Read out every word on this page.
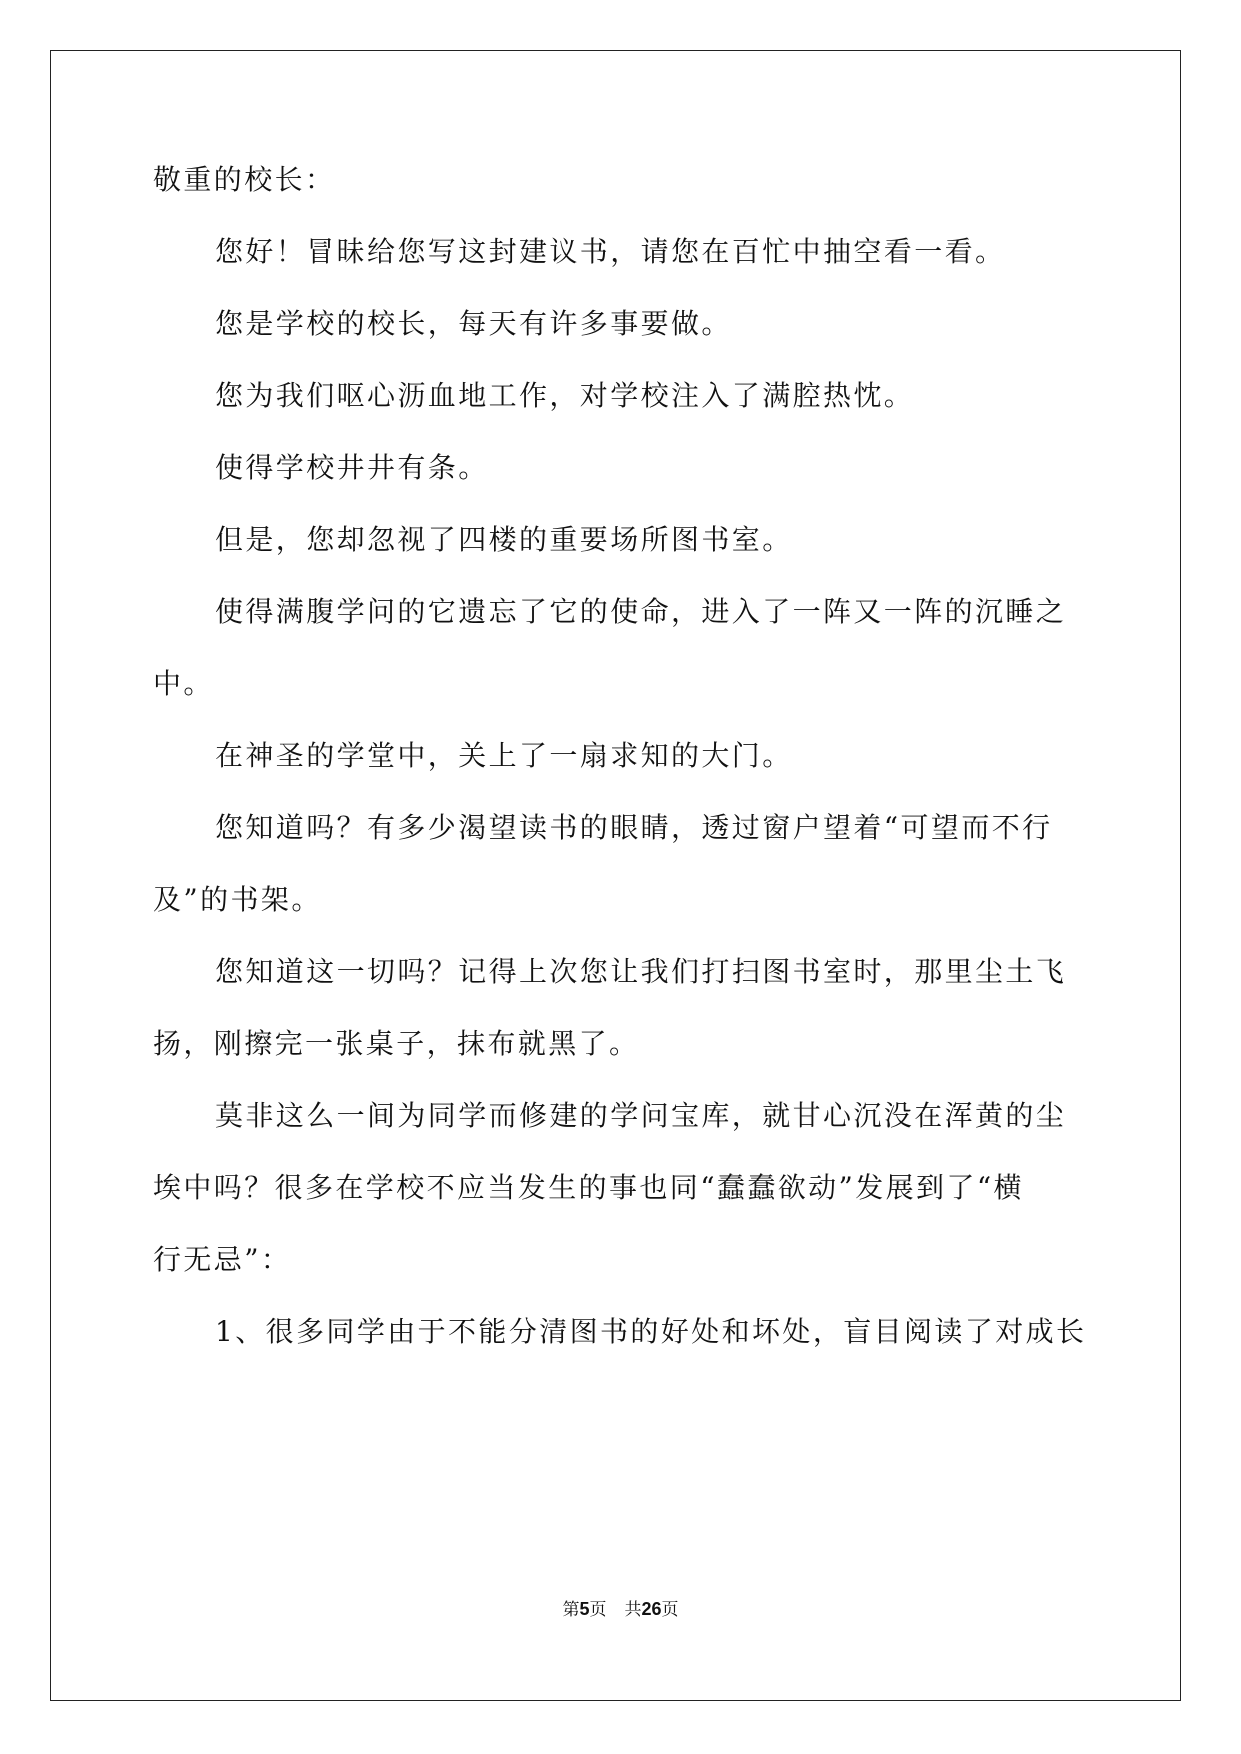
敬重的校长：
您好！冒昧给您写这封建议书，请您在百忙中抽空看一看。
您是学校的校长，每天有许多事要做。
您为我们呕心沥血地工作，对学校注入了满腔热忱。
使得学校井井有条。
但是，您却忽视了四楼的重要场所图书室。
使得满腹学问的它遗忘了它的使命，进入了一阵又一阵的沉睡之
中。
在神圣的学堂中，关上了一扇求知的大门。
您知道吗？有多少渴望读书的眼睛，透过窗户望着“可望而不行
及”的书架。
您知道这一切吗？记得上次您让我们打扫图书室时，那里尘土飞
扬，刚擦完一张桌子，抹布就黑了。
莫非这么一间为同学而修建的学问宝库，就甘心沉没在浑黄的尘
埃中吗？很多在学校不应当发生的事也同“蠢蠢欲动”发展到了“横
行无忌”：
1、很多同学由于不能分清图书的好处和坏处，盲目阅读了对成长
第5页 共26页
